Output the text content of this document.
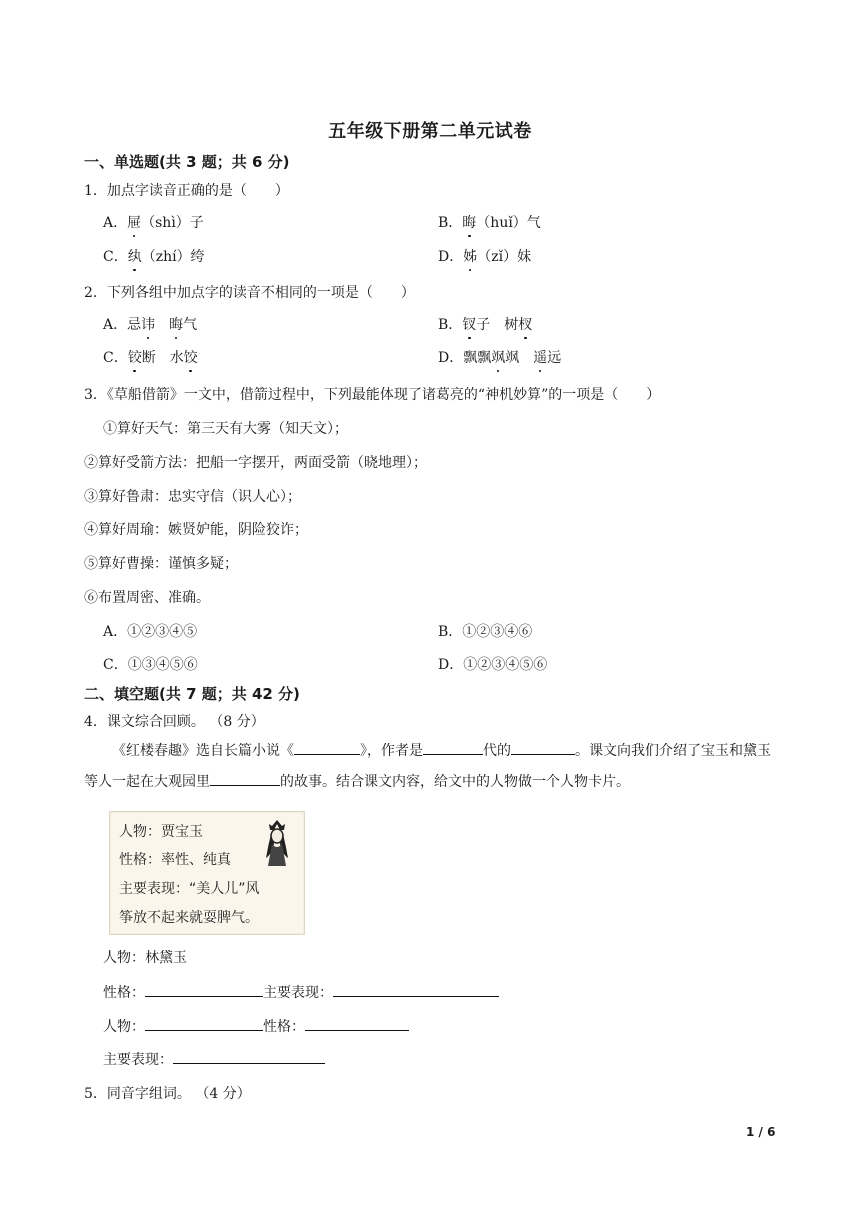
五年级下册第二单元试卷
一、单选题(共 3 题；共 6 分)
1．加点字读音正确的是（　　）
A．屉（shì）子	B．晦（huǐ）气
C．纨（zhí）绔	D．姊（zǐ）妹
2．下列各组中加点字的读音不相同的一项是（　　）
A．忌讳　 晦气	B．钗子　树杈
C．铰断　水饺	D．飘飘飒飒　遥远
3．《草船借箭》一文中，借箭过程中，下列最能体现了诸葛亮的“神机妙算”的一项是（　　）
①算好天气：第三天有大雾（知天文）；
②算好受箭方法：把船一字摆开，两面受箭（晓地理）；
③算好鲁肃：忠实守信（识人心）；
④算好周瑜：嫉贤妒能，阴险狡诈；
⑤算好曹操：谨慎多疑；
⑥布置周密、准确。
A．①②③④⑤	B．①②③④⑥
C．①③④⑤⑥	D．①②③④⑤⑥
二、填空题(共 7 题；共 42 分)
4．课文综合回顾。 （8 分）
《红楼春趣》选自长篇小说《	》，作者是	代的	。课文向我们介绍了宝玉和黛玉等人一起在大观园里	的故事。结合课文内容，给文中的人物做一个人物卡片。
人物：贾宝玉
性格：率性、纯真
主要表现：“美人儿”风
筝放不起来就耍脾气。
人物：林黛玉
性格：	主要表现：
人物：	性格：
主要表现：
5．同音字组词。 （4 分）
1 / 6
